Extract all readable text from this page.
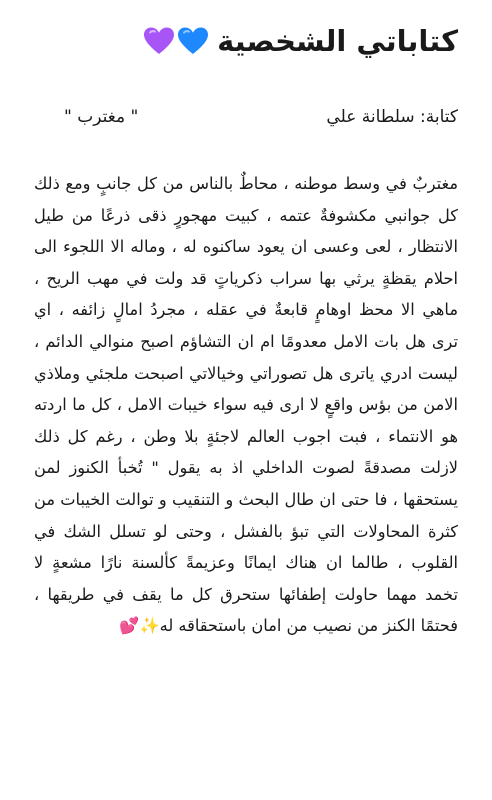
كتاباتي الشخصية
كتابة: سلطانة علي
" مغترب "

مغتربٌ في وسط موطنه ، محاطٌ بالناس من كل جانبٍ ومع ذلك كل جوانبي مكشوفةٌ عتمه ، كبيت مهجورٍ ذقى ذرعًا من طيل الانتظار ، لعى وعسى ان يعود ساكنوه له ، وماله الا اللجوء الى احلام يقظةٍ يرثي بها سراب ذكرياتٍ قد ولت في مهب الريح ، ماهي الا محظ اوهامٍ قابعةٌ في عقله ، مجردُ امالٍ زائفه ، اي ترى هل بات الامل معدومًا ام ان التشاؤم اصبح منوالي الدائم ، ليست ادري ياترى هل تصوراتي وخيالاتي اصبحت ملجئي وملاذي الامن من بؤس واقعٍ لا ارى فيه سواء خيبات الامل ، كل ما اردته هو الانتماء ، فبت اجوب العالم لاجئةٍ بلا وطن ، رغم كل ذلك لازلت مصدقةً لصوت الداخلي اذ به يقول " تُخبأ الكنوز لمن يستحقها ، فا حتى ان طال البحث و التنقيب و توالت الخيبات من كثرة المحاولات التي تبؤ بالفشل ، وحتى لو تسلل الشك في القلوب ، طالما ان هناك ايمانًا وعزيمةً كألسنة نارًا مشعةٍ لا تخمد مهما حاولت إطفائها ستحرق كل ما يقف في طريقها ، فحتمًا الكنز من نصيب من امان باستحقاقه له✨💕
